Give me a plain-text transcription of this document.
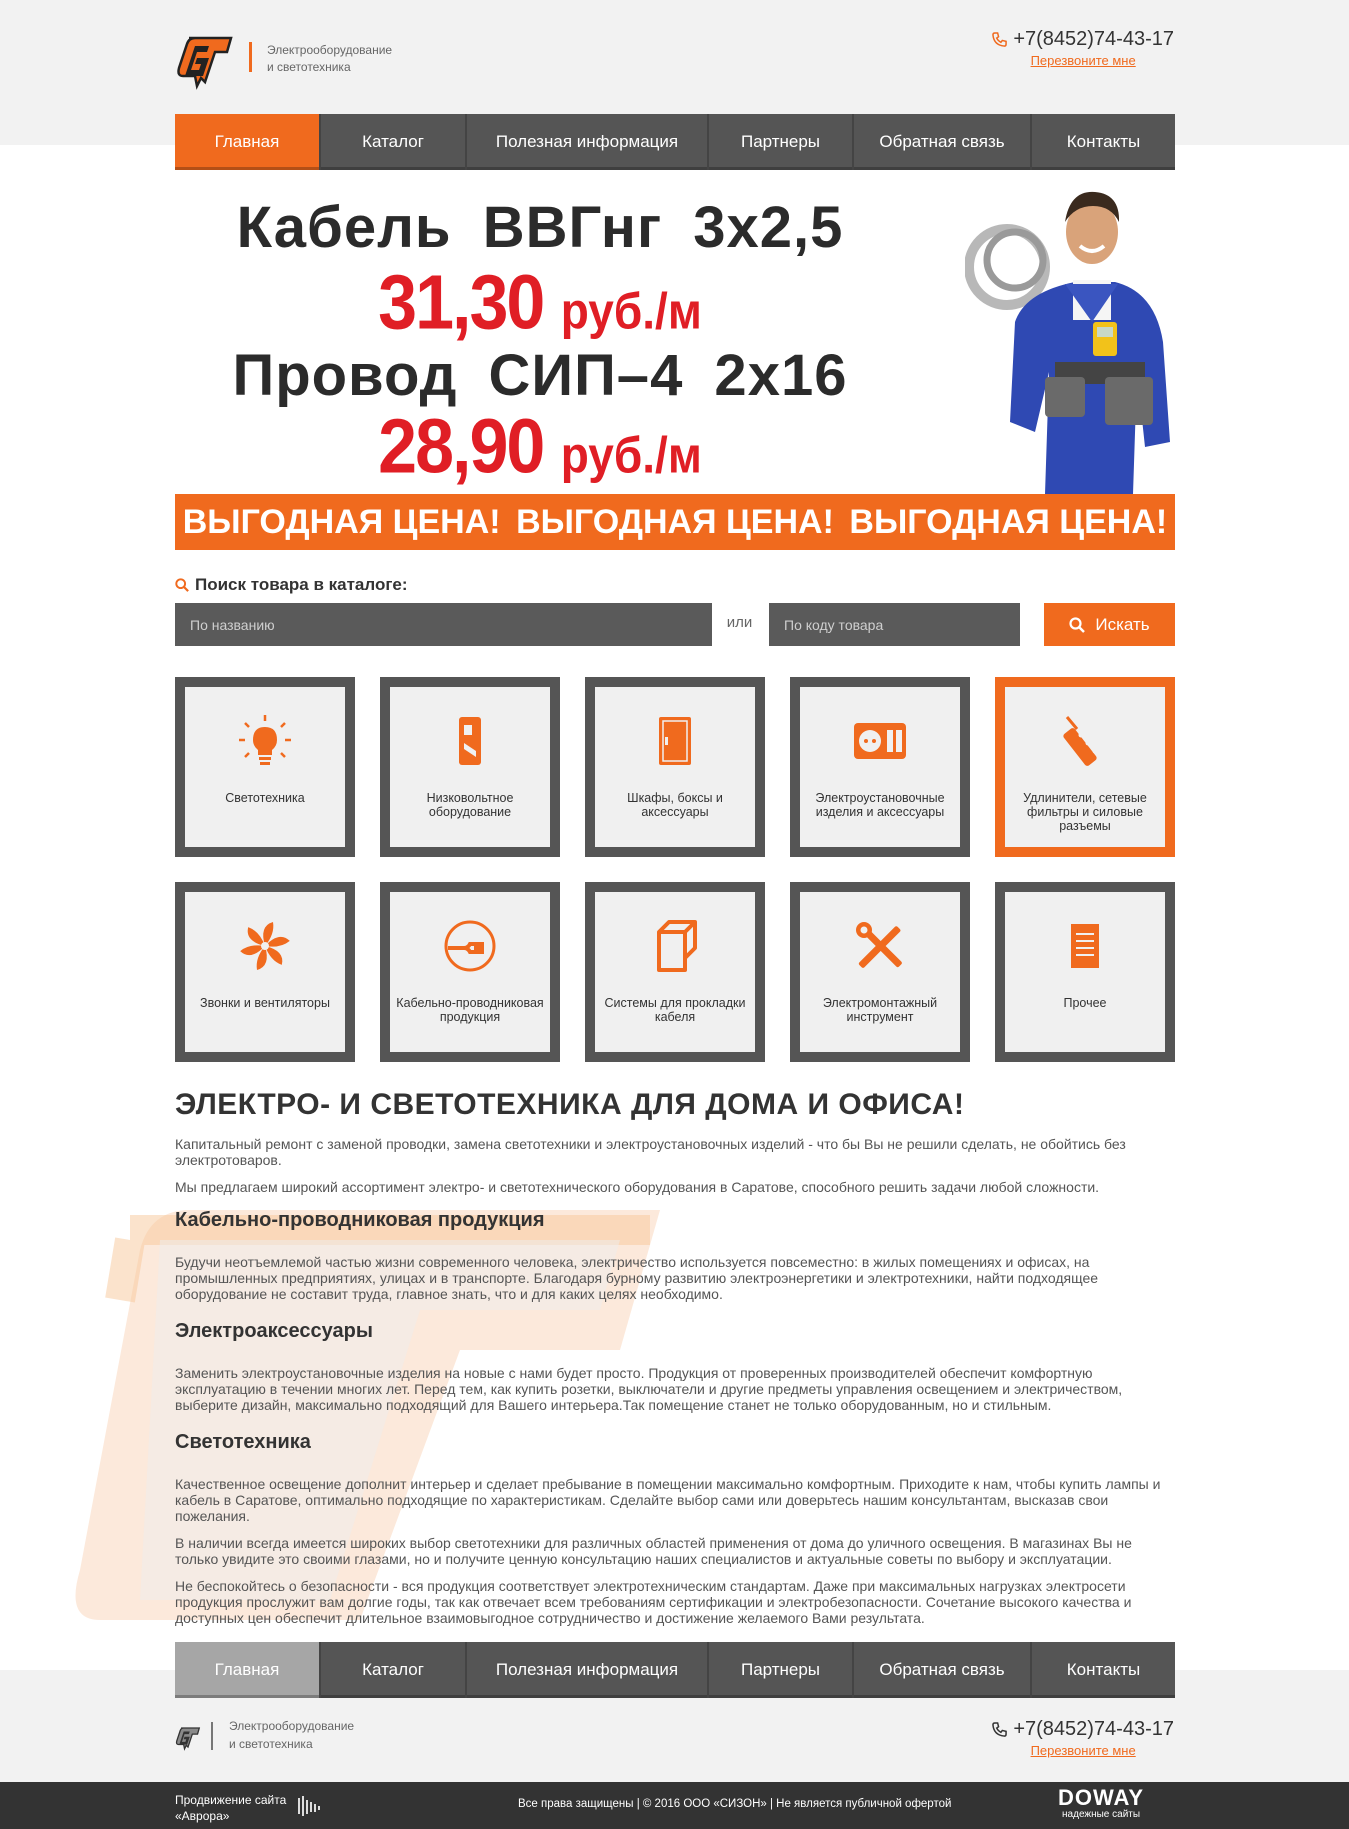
Электрооборудование
и светотехника
+7(8452)74-43-17
Перезвоните мне
Главная	Каталог	Полезная информация	Партнеры	Обратная связь	Контакты
Кабель ВВГнг 3х2,5
31,30 руб./м
Провод СИП–4 2х16
28,90 руб./м
ВЫГОДНАЯ ЦЕНА! ВЫГОДНАЯ ЦЕНА! ВЫГОДНАЯ ЦЕНА!
Поиск товара в каталоге:
По названию
или
По коду товара	Искать
Светотехника	Низковольтное оборудование
Шкафы, боксы и аксессуары
Электроустановочные изделия и аксессуары
Удлинители, сетевые фильтры и силовые разъемы
Звонки и вентиляторы	Кабельно-проводниковая продукция
Системы для прокладки кабеля
Электромонтажный инструмент
Прочее
ЭЛЕКТРО- И СВЕТОТЕХНИКА ДЛЯ ДОМА И ОФИСА!

Капитальный ремонт с заменой проводки, замена светотехники и электроустановочных изделий - что бы Вы не решили сделать, не обойтись без электротоваров.

Мы предлагаем широкий ассортимент электро- и светотехнического оборудования в Саратове, способного решить задачи любой сложности.

Кабельно-проводниковая продукция

Будучи неотъемлемой частью жизни современного человека, электричество используется повсеместно: в жилых помещениях и офисах, на промышленных предприятиях, улицах и в транспорте. Благодаря бурному развитию электроэнергетики и электротехники, найти подходящее оборудование не составит труда, главное знать, что и для каких целях необходимо.

Электроаксессуары

Заменить электроустановочные изделия на новые с нами будет просто. Продукция от проверенных производителей обеспечит комфортную эксплуатацию в течении многих лет. Перед тем, как купить розетки, выключатели и другие предметы управления освещением и электричеством, выберите дизайн, максимально подходящий для Вашего интерьера.Так помещение станет не только оборудованным, но и стильным.

Светотехника

Качественное освещение дополнит интерьер и сделает пребывание в помещении максимально комфортным. Приходите к нам, чтобы купить лампы и кабель в Саратове, оптимально подходящие по характеристикам. Сделайте выбор сами или доверьтесь нашим консультантам, высказав свои пожелания.

В наличии всегда имеется широких выбор светотехники для различных областей применения от дома до уличного освещения. В магазинах Вы не только увидите это своими глазами, но и получите ценную консультацию наших специалистов и актуальные советы по выбору и эксплуатации.

Не беспокойтесь о безопасности - вся продукция соответствует электротехническим стандартам. Даже при максимальных нагрузках электросети продукция прослужит вам долгие годы, так как отвечает всем требованиям сертификации и электробезопасности. Сочетание высокого качества и доступных цен обеспечит длительное взаимовыгодное сотрудничество и достижение желаемого Вами результата.

Главная	Каталог	Полезная информация	Партнеры	Обратная связь	Контакты
Электрооборудование
и светотехника
+7(8452)74-43-17
Перезвоните мне
Продвижение сайта
«Аврора»
Все права защищены | © 2016 ООО «СИЗОН» | Не является публичной офертой	DOWAY
надежные сайты
